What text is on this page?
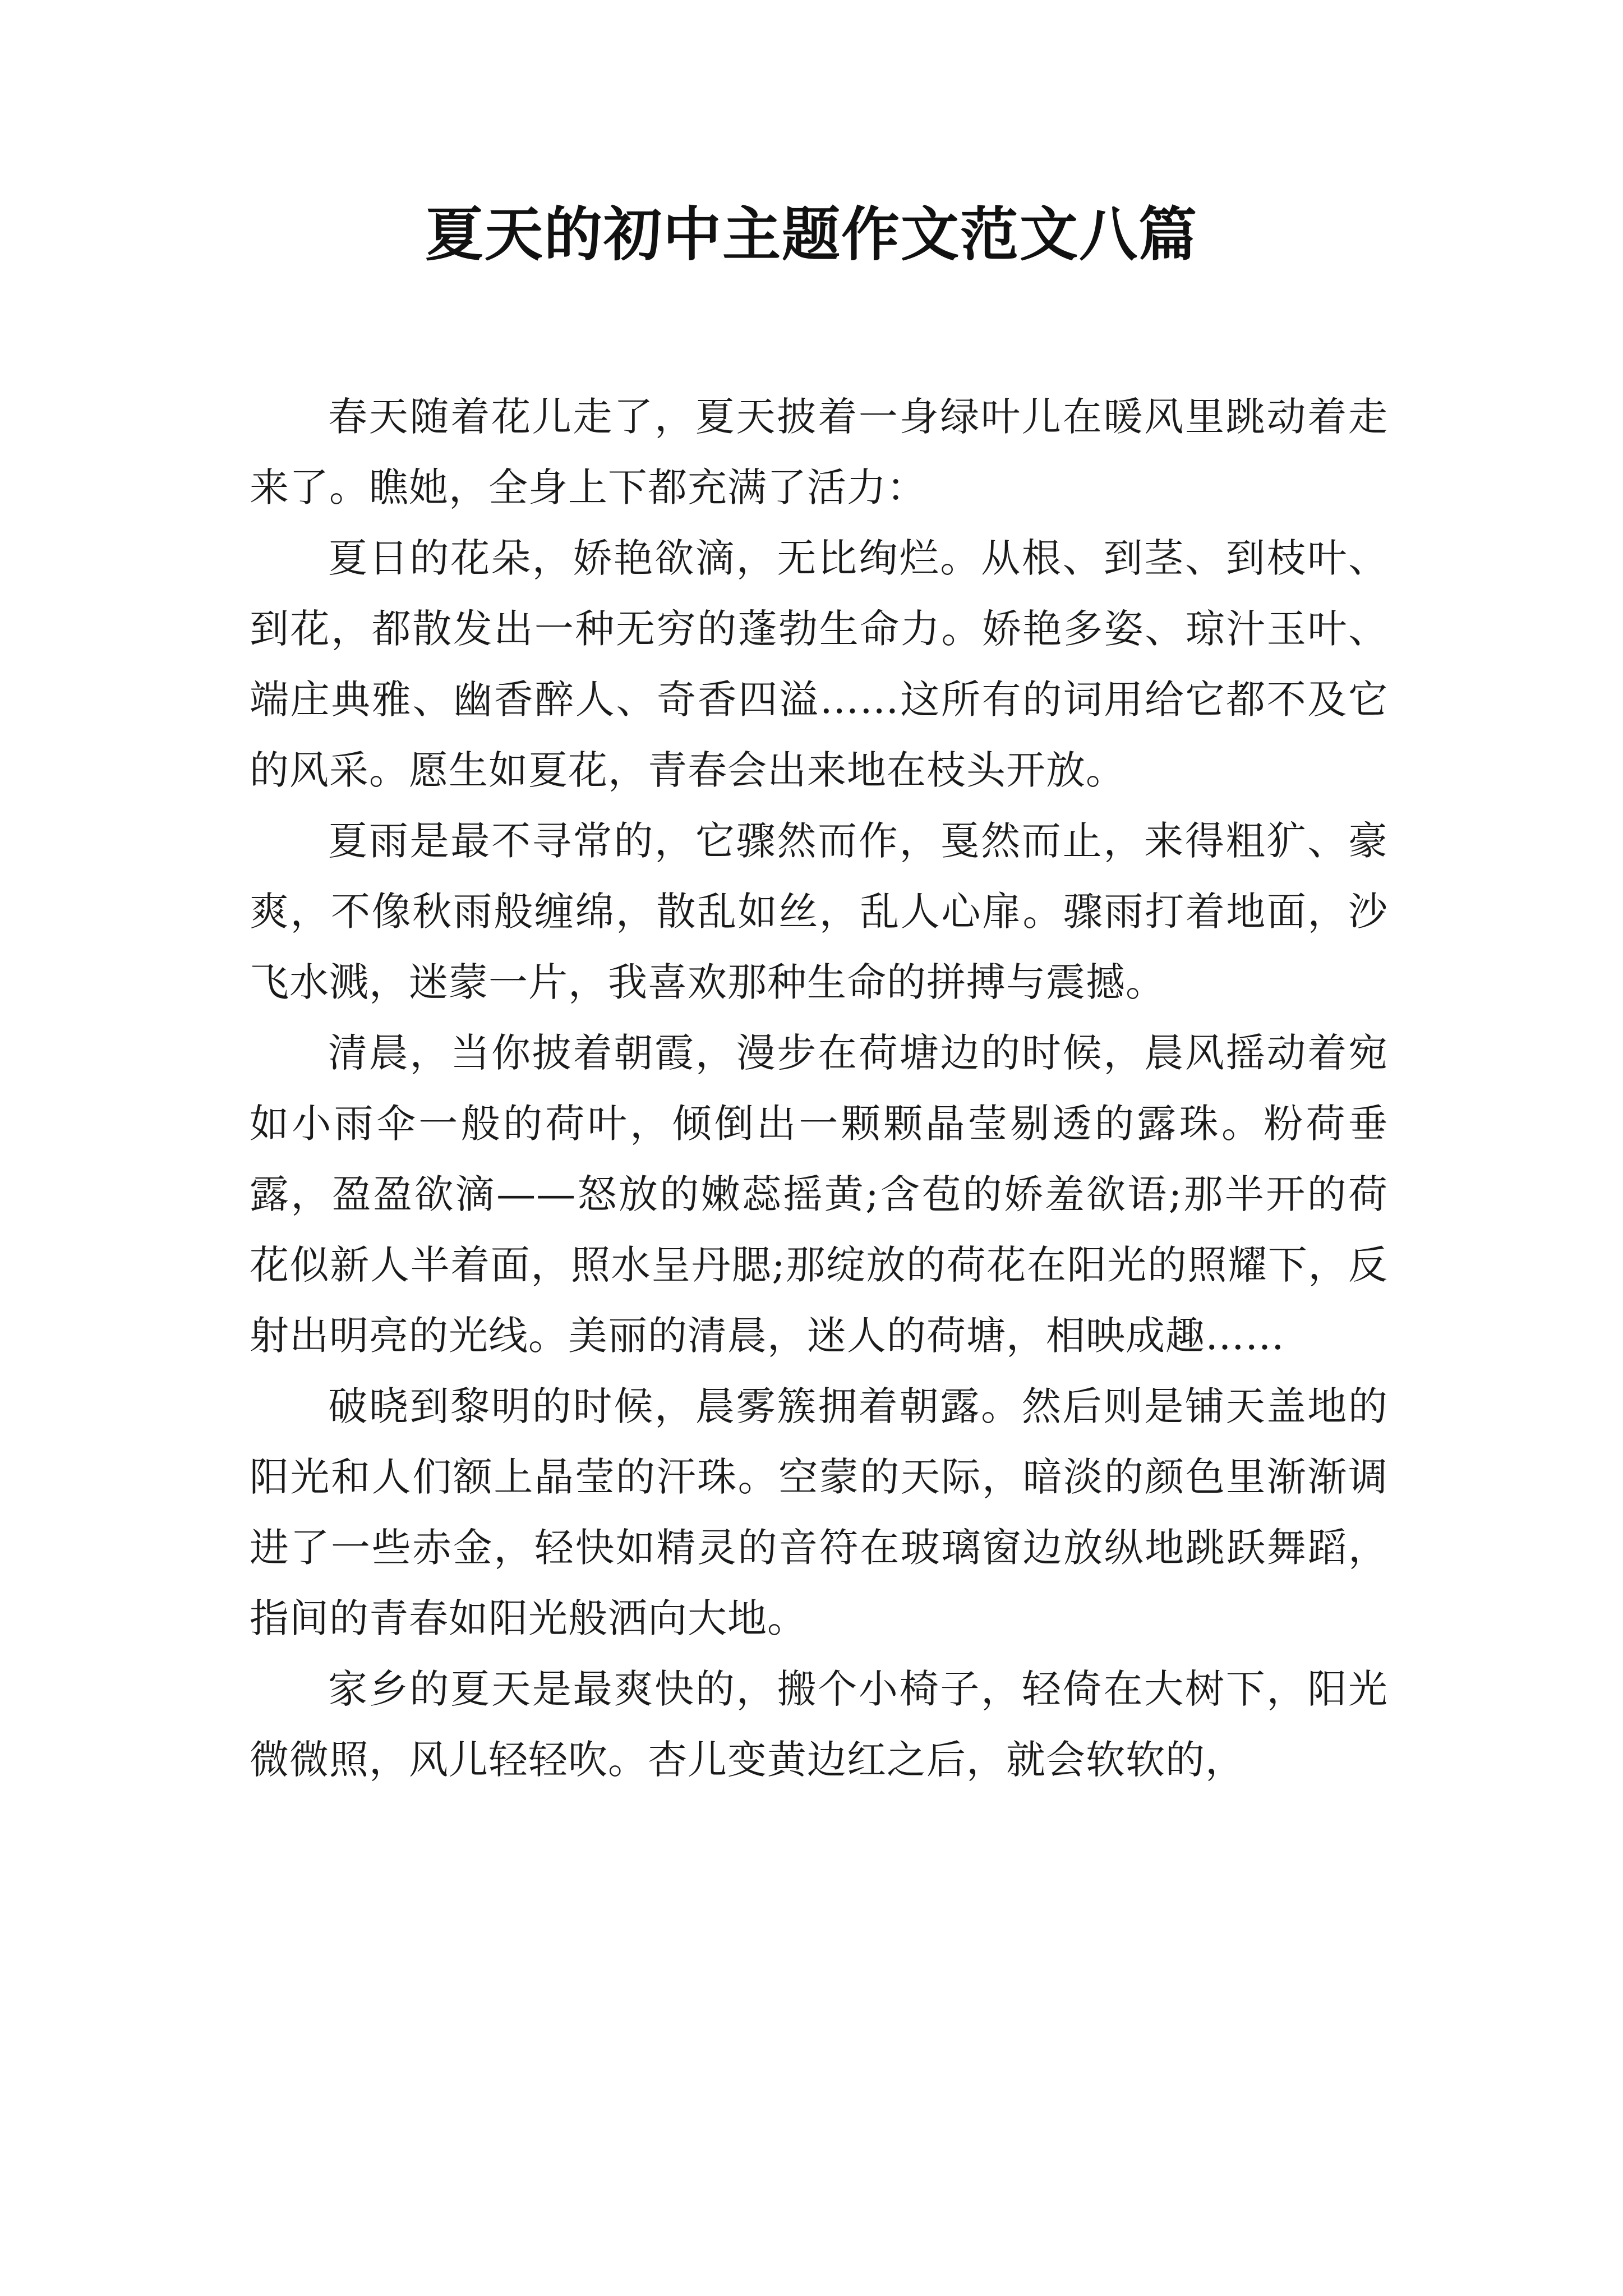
夏天的初中主题作文范文八篇

春天随着花儿走了，夏天披着一身绿叶儿在暖风里跳动着走来了。瞧她，全身上下都充满了活力：

夏日的花朵，娇艳欲滴，无比绚烂。从根、到茎、到枝叶、到花，都散发出一种无穷的蓬勃生命力。娇艳多姿、琼汁玉叶、端庄典雅、幽香醉人、奇香四溢……这所有的词用给它都不及它的风采。愿生如夏花，青春会出来地在枝头开放。

夏雨是最不寻常的，它骤然而作，戛然而止，来得粗犷、豪爽，不像秋雨般缠绵，散乱如丝，乱人心扉。骤雨打着地面，沙飞水溅，迷蒙一片，我喜欢那种生命的拼搏与震撼。

清晨，当你披着朝霞，漫步在荷塘边的时候，晨风摇动着宛如小雨伞一般的荷叶，倾倒出一颗颗晶莹剔透的露珠。粉荷垂露，盈盈欲滴——怒放的嫩蕊摇黄;含苞的娇羞欲语;那半开的荷花似新人半着面，照水呈丹腮;那绽放的荷花在阳光的照耀下，反射出明亮的光线。美丽的清晨，迷人的荷塘，相映成趣……

破晓到黎明的时候，晨雾簇拥着朝露。然后则是铺天盖地的阳光和人们额上晶莹的汗珠。空蒙的天际，暗淡的颜色里渐渐调进了一些赤金，轻快如精灵的音符在玻璃窗边放纵地跳跃舞蹈，指间的青春如阳光般洒向大地。

家乡的夏天是最爽快的，搬个小椅子，轻倚在大树下，阳光微微照，风儿轻轻吹。杏儿变黄边红之后，就会软软的，
